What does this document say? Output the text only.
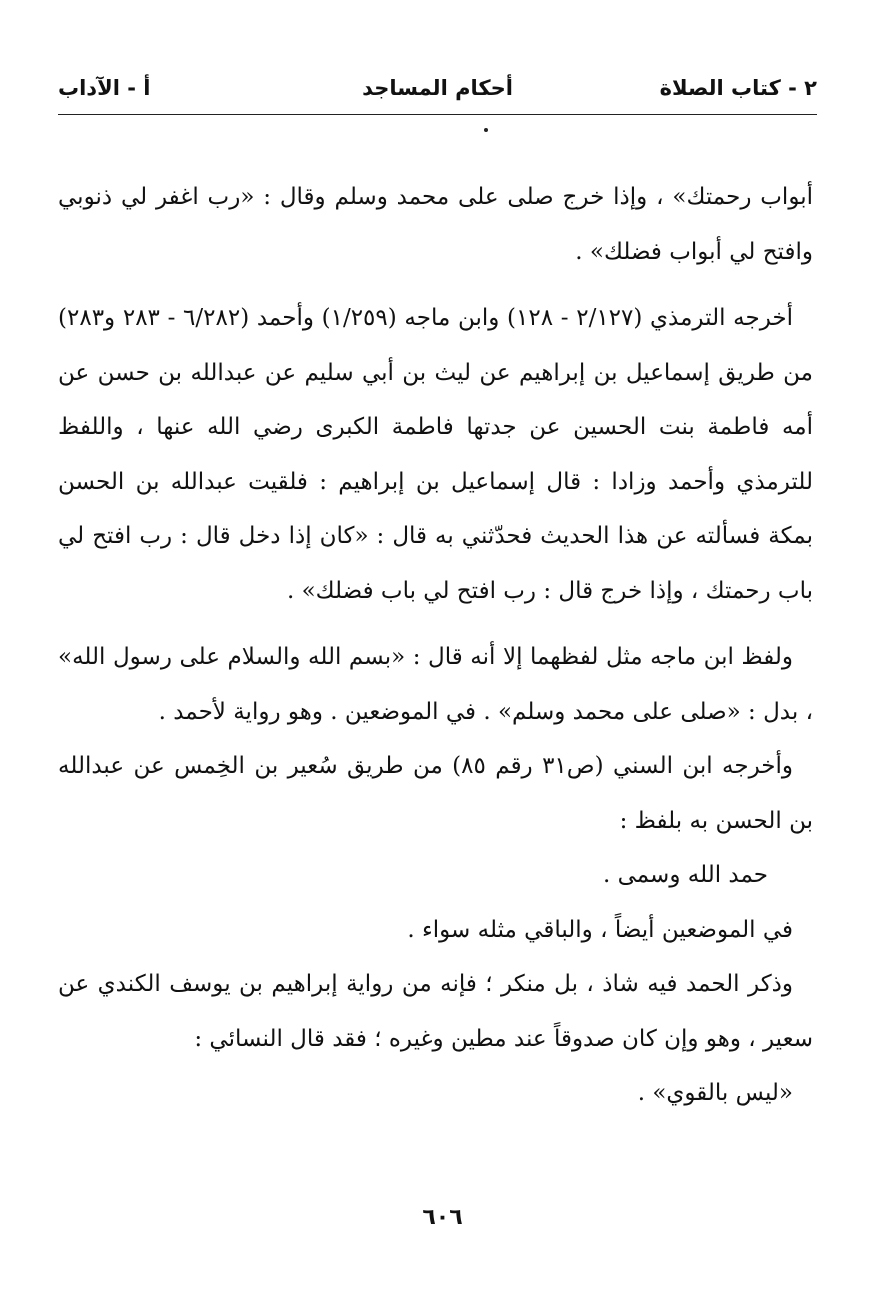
٢ - كتاب الصلاة
أحكام المساجد
أ - الآداب

أبواب رحمتك» ، وإذا خرج صلى على محمد وسلم وقال : «رب اغفر لي ذنوبي وافتح لي أبواب فضلك» .

أخرجه الترمذي (٢/١٢٧ - ١٢٨) وابن ماجه (١/٢٥٩) وأحمد (٦/٢٨٢ - ٢٨٣ و٢٨٣) من طريق إسماعيل بن إبراهيم عن ليث بن أبي سليم عن عبدالله بن حسن عن أمه فاطمة بنت الحسين عن جدتها فاطمة الكبرى رضي الله عنها ، واللفظ للترمذي وأحمد وزادا : قال إسماعيل بن إبراهيم : فلقيت عبدالله بن الحسن بمكة فسألته عن هذا الحديث فحدّثني به قال : «كان إذا دخل قال : رب افتح لي باب رحمتك ، وإذا خرج قال : رب افتح لي باب فضلك» .

ولفظ ابن ماجه مثل لفظهما إلا أنه قال : «بسم الله والسلام على رسول الله» ، بدل : «صلى على محمد وسلم» . في الموضعين . وهو رواية لأحمد .

وأخرجه ابن السني (ص٣١ رقم ٨٥) من طريق سُعير بن الخِمس عن عبدالله بن الحسن به بلفظ :

حمد الله وسمى .

في الموضعين أيضاً ، والباقي مثله سواء .

وذكر الحمد فيه شاذ ، بل منكر ؛ فإنه من رواية إبراهيم بن يوسف الكندي عن سعير ، وهو وإن كان صدوقاً عند مطين وغيره ؛ فقد قال النسائي :

«ليس بالقوي» .

٦٠٦
